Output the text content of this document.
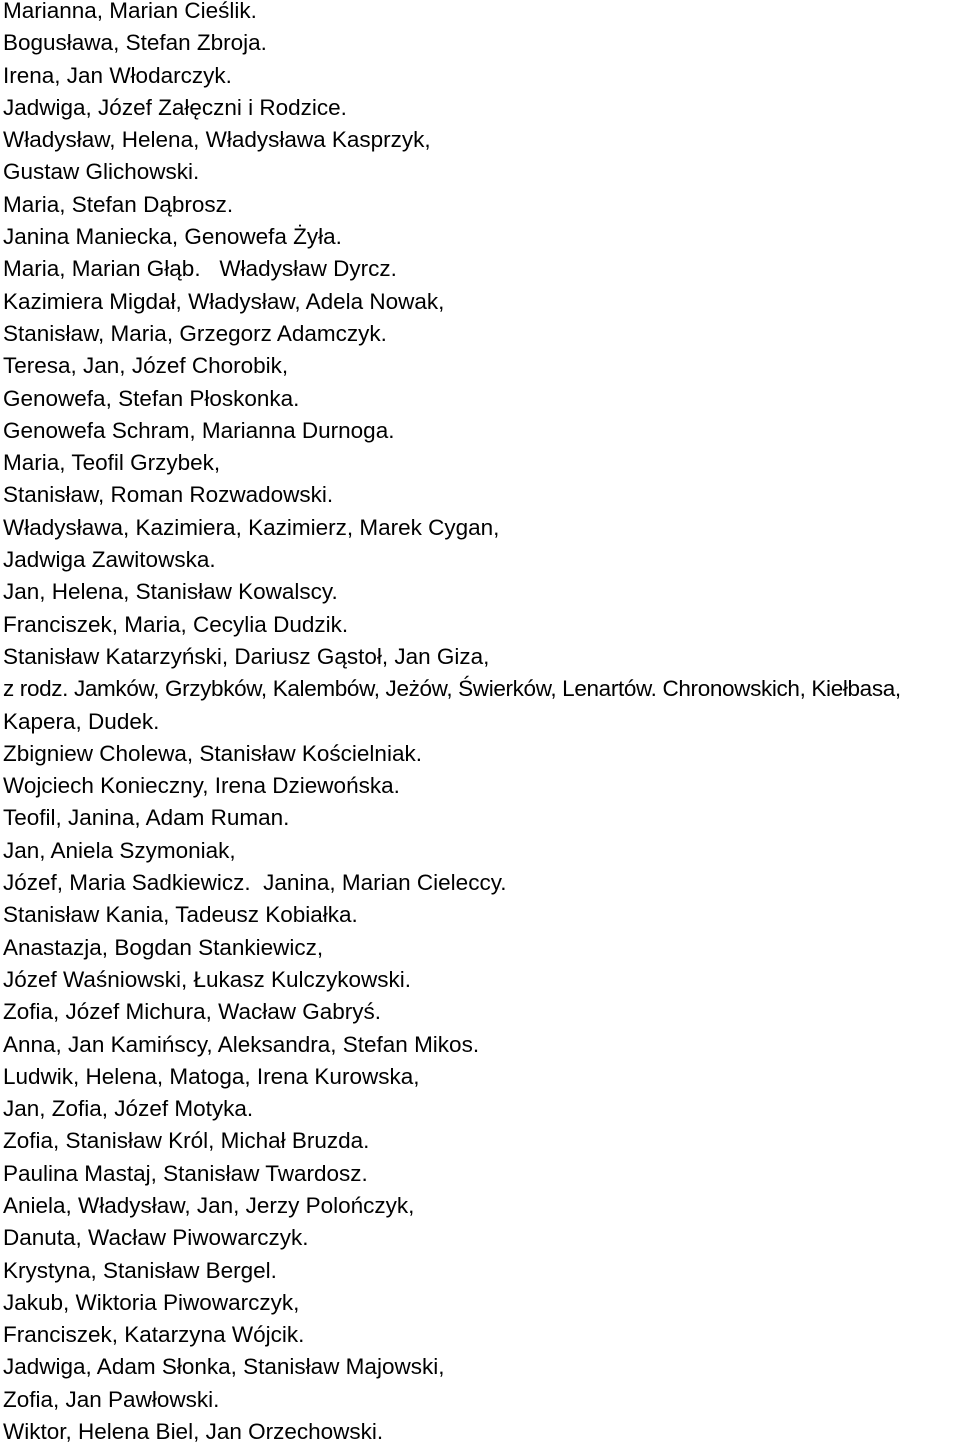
Marianna, Marian Cieślik.
Bogusława, Stefan Zbroja.
Irena, Jan Włodarczyk.
Jadwiga, Józef Załęczni i Rodzice.
Władysław, Helena, Władysława Kasprzyk,
Gustaw Glichowski.
Maria, Stefan Dąbrosz.
Janina Maniecka, Genowefa Żyła.
Maria, Marian Głąb.   Władysław Dyrcz.
Kazimiera Migdał, Władysław, Adela Nowak,
Stanisław, Maria, Grzegorz Adamczyk.
Teresa, Jan, Józef Chorobik,
Genowefa, Stefan Płoskonka.
Genowefa Schram, Marianna Durnoga.
Maria, Teofil Grzybek,
Stanisław, Roman Rozwadowski.
Władysława, Kazimiera, Kazimierz, Marek Cygan,
Jadwiga Zawitowska.
Jan, Helena, Stanisław Kowalscy.
Franciszek, Maria, Cecylia Dudzik.
Stanisław Katarzyński, Dariusz Gąstoł, Jan Giza,
z rodz. Jamków, Grzybków, Kalembów, Jeżów, Świerków, Lenartów. Chronowskich, Kiełbasa,
Kapera, Dudek.
Zbigniew Cholewa, Stanisław Kościelniak.
Wojciech Konieczny, Irena Dziewońska.
Teofil, Janina, Adam Ruman.
Jan, Aniela Szymoniak,
Józef, Maria Sadkiewicz.  Janina, Marian Cieleccy.
Stanisław Kania, Tadeusz Kobiałka.
Anastazja, Bogdan Stankiewicz,
Józef Waśniowski, Łukasz Kulczykowski.
Zofia, Józef Michura, Wacław Gabryś.
Anna, Jan Kamińscy, Aleksandra, Stefan Mikos.
Ludwik, Helena, Matoga, Irena Kurowska,
Jan, Zofia, Józef Motyka.
Zofia, Stanisław Król, Michał Bruzda.
Paulina Mastaj, Stanisław Twardosz.
Aniela, Władysław, Jan, Jerzy Polończyk,
Danuta, Wacław Piwowarczyk.
Krystyna, Stanisław Bergel.
Jakub, Wiktoria Piwowarczyk,
Franciszek, Katarzyna Wójcik.
Jadwiga, Adam Słonka, Stanisław Majowski,
Zofia, Jan Pawłowski.
Wiktor, Helena Biel, Jan Orzechowski.
